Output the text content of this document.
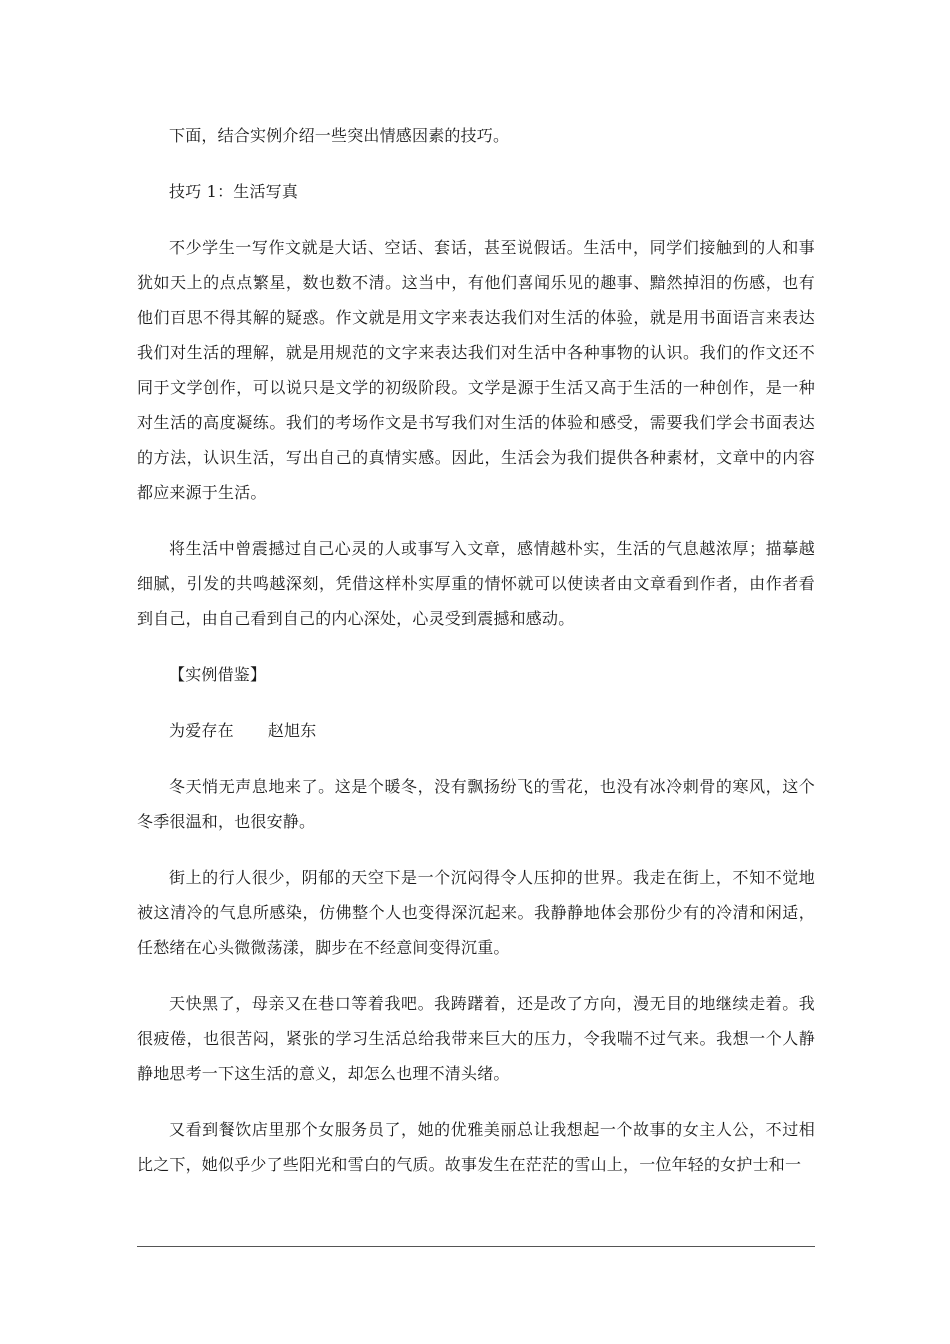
下面，结合实例介绍一些突出情感因素的技巧。

技巧 1：生活写真

不少学生一写作文就是大话、空话、套话，甚至说假话。生活中，同学们接触到的人和事犹如天上的点点繁星，数也数不清。这当中，有他们喜闻乐见的趣事、黯然掉泪的伤感，也有他们百思不得其解的疑惑。作文就是用文字来表达我们对生活的体验，就是用书面语言来表达我们对生活的理解，就是用规范的文字来表达我们对生活中各种事物的认识。我们的作文还不同于文学创作，可以说只是文学的初级阶段。文学是源于生活又高于生活的一种创作，是一种对生活的高度凝练。我们的考场作文是书写我们对生活的体验和感受，需要我们学会书面表达的方法，认识生活，写出自己的真情实感。因此，生活会为我们提供各种素材，文章中的内容都应来源于生活。

将生活中曾震撼过自己心灵的人或事写入文章，感情越朴实，生活的气息越浓厚；描摹越细腻，引发的共鸣越深刻，凭借这样朴实厚重的情怀就可以使读者由文章看到作者，由作者看到自己，由自己看到自己的内心深处，心灵受到震撼和感动。

【实例借鉴】

为爱存在 赵旭东

冬天悄无声息地来了。这是个暖冬，没有飘扬纷飞的雪花，也没有冰冷刺骨的寒风，这个冬季很温和，也很安静。

街上的行人很少，阴郁的天空下是一个沉闷得令人压抑的世界。我走在街上，不知不觉地被这清冷的气息所感染，仿佛整个人也变得深沉起来。我静静地体会那份少有的冷清和闲适，任愁绪在心头微微荡漾，脚步在不经意间变得沉重。

天快黑了，母亲又在巷口等着我吧。我踌躇着，还是改了方向，漫无目的地继续走着。我很疲倦，也很苦闷，紧张的学习生活总给我带来巨大的压力，令我喘不过气来。我想一个人静静地思考一下这生活的意义，却怎么也理不清头绪。

又看到餐饮店里那个女服务员了，她的优雅美丽总让我想起一个故事的女主人公，不过相比之下，她似乎少了些阳光和雪白的气质。故事发生在茫茫的雪山上，一位年轻的女护士和一
